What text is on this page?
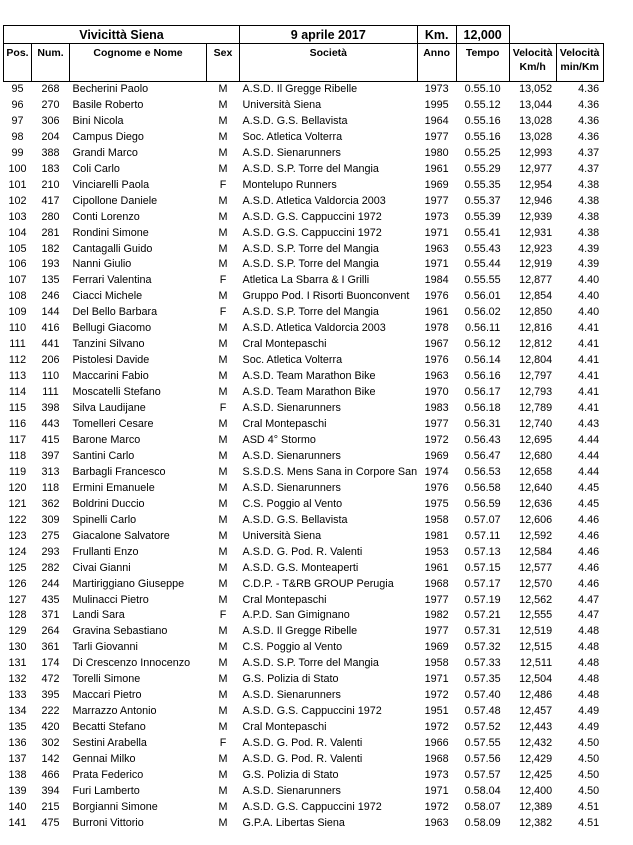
Vivicittà Siena				9 aprile 2017	Km.	12,000		
Pos.	Num.	Cognome e Nome	Sex	Società	Anno	Tempo	Velocità Km/h	Velocità min/Km
95	268	Becherini Paolo	M	A.S.D. Il Gregge Ribelle	1973	0.55.10	13,052	4.36
96	270	Basile Roberto	M	Università Siena	1995	0.55.12	13,044	4.36
97	306	Bini Nicola	M	A.S.D. G.S. Bellavista	1964	0.55.16	13,028	4.36
98	204	Campus Diego	M	Soc. Atletica Volterra	1977	0.55.16	13,028	4.36
99	388	Grandi Marco	M	A.S.D. Sienarunners	1980	0.55.25	12,993	4.37
100	183	Coli Carlo	M	A.S.D. S.P. Torre del Mangia	1961	0.55.29	12,977	4.37
101	210	Vinciarelli Paola	F	Montelupo Runners	1969	0.55.35	12,954	4.38
102	417	Cipollone Daniele	M	A.S.D. Atletica Valdorcia 2003	1977	0.55.37	12,946	4.38
103	280	Conti Lorenzo	M	A.S.D. G.S. Cappuccini 1972	1973	0.55.39	12,939	4.38
104	281	Rondini Simone	M	A.S.D. G.S. Cappuccini 1972	1971	0.55.41	12,931	4.38
105	182	Cantagalli Guido	M	A.S.D. S.P. Torre del Mangia	1963	0.55.43	12,923	4.39
106	193	Nanni Giulio	M	A.S.D. S.P. Torre del Mangia	1971	0.55.44	12,919	4.39
107	135	Ferrari Valentina	F	Atletica La Sbarra & I Grilli	1984	0.55.55	12,877	4.40
108	246	Ciacci Michele	M	Gruppo Pod. I Risorti Buonconvent	1976	0.56.01	12,854	4.40
109	144	Del Bello Barbara	F	A.S.D. S.P. Torre del Mangia	1961	0.56.02	12,850	4.40
110	416	Bellugi Giacomo	M	A.S.D. Atletica Valdorcia 2003	1978	0.56.11	12,816	4.41
111	441	Tanzini Silvano	M	Cral Montepaschi	1967	0.56.12	12,812	4.41
112	206	Pistolesi Davide	M	Soc. Atletica Volterra	1976	0.56.14	12,804	4.41
113	110	Maccarini Fabio	M	A.S.D. Team Marathon Bike	1963	0.56.16	12,797	4.41
114	111	Moscatelli Stefano	M	A.S.D. Team Marathon Bike	1970	0.56.17	12,793	4.41
115	398	Silva Laudijane	F	A.S.D. Sienarunners	1983	0.56.18	12,789	4.41
116	443	Tomelleri Cesare	M	Cral Montepaschi	1977	0.56.31	12,740	4.43
117	415	Barone Marco	M	ASD 4° Stormo	1972	0.56.43	12,695	4.44
118	397	Santini Carlo	M	A.S.D. Sienarunners	1969	0.56.47	12,680	4.44
119	313	Barbagli Francesco	M	S.S.D.S. Mens Sana in Corpore San	1974	0.56.53	12,658	4.44
120	118	Ermini Emanuele	M	A.S.D. Sienarunners	1976	0.56.58	12,640	4.45
121	362	Boldrini Duccio	M	C.S. Poggio al Vento	1975	0.56.59	12,636	4.45
122	309	Spinelli Carlo	M	A.S.D. G.S. Bellavista	1958	0.57.07	12,606	4.46
123	275	Giacalone Salvatore	M	Università Siena	1981	0.57.11	12,592	4.46
124	293	Frullanti Enzo	M	A.S.D. G. Pod. R. Valenti	1953	0.57.13	12,584	4.46
125	282	Civai Gianni	M	A.S.D. G.S. Monteaperti	1961	0.57.15	12,577	4.46
126	244	Martiriggiano Giuseppe	M	C.D.P. - T&RB GROUP Perugia	1968	0.57.17	12,570	4.46
127	435	Mulinacci Pietro	M	Cral Montepaschi	1977	0.57.19	12,562	4.47
128	371	Landi Sara	F	A.P.D. San Gimignano	1982	0.57.21	12,555	4.47
129	264	Gravina Sebastiano	M	A.S.D. Il Gregge Ribelle	1977	0.57.31	12,519	4.48
130	361	Tarli Giovanni	M	C.S. Poggio al Vento	1969	0.57.32	12,515	4.48
131	174	Di Crescenzo Innocenzo	M	A.S.D. S.P. Torre del Mangia	1958	0.57.33	12,511	4.48
132	472	Torelli Simone	M	G.S. Polizia di Stato	1971	0.57.35	12,504	4.48
133	395	Maccari Pietro	M	A.S.D. Sienarunners	1972	0.57.40	12,486	4.48
134	222	Marrazzo Antonio	M	A.S.D. G.S. Cappuccini 1972	1951	0.57.48	12,457	4.49
135	420	Becatti Stefano	M	Cral Montepaschi	1972	0.57.52	12,443	4.49
136	302	Sestini Arabella	F	A.S.D. G. Pod. R. Valenti	1966	0.57.55	12,432	4.50
137	142	Gennai Milko	M	A.S.D. G. Pod. R. Valenti	1968	0.57.56	12,429	4.50
138	466	Prata Federico	M	G.S. Polizia di Stato	1973	0.57.57	12,425	4.50
139	394	Furi Lamberto	M	A.S.D. Sienarunners	1971	0.58.04	12,400	4.50
140	215	Borgianni Simone	M	A.S.D. G.S. Cappuccini 1972	1972	0.58.07	12,389	4.51
141	475	Burroni Vittorio	M	G.P.A. Libertas Siena	1963	0.58.09	12,382	4.51
